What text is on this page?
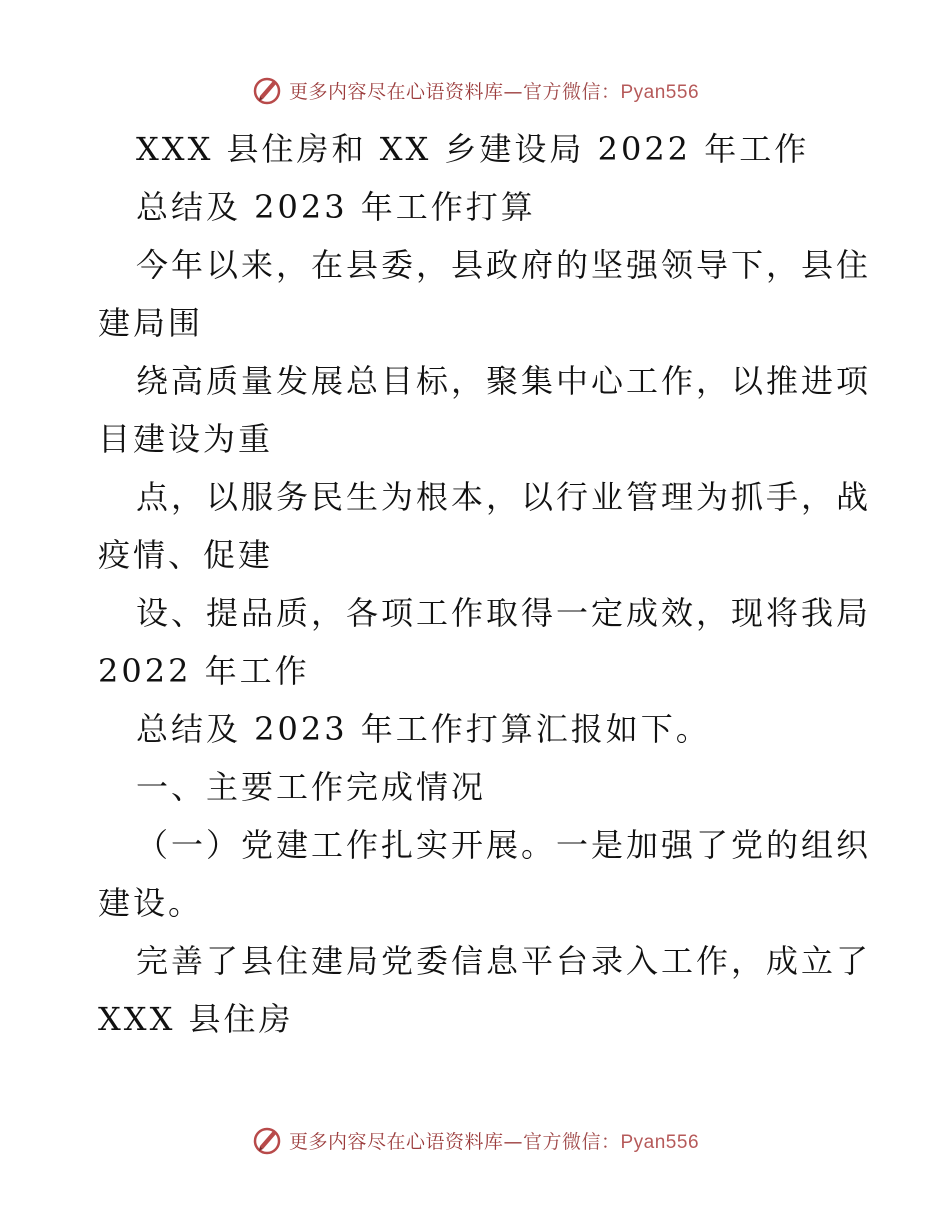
更多内容尽在心语资料库—官方微信：Pyan556
XXX 县住房和 XX 乡建设局 2022 年工作
总结及 2023 年工作打算
今年以来，在县委，县政府的坚强领导下，县住
建局围
绕高质量发展总目标，聚集中心工作，以推进项
目建设为重
点，以服务民生为根本，以行业管理为抓手，战
疫情、促建
设、提品质，各项工作取得一定成效，现将我局
2022 年工作
总结及 2023 年工作打算汇报如下。
一、主要工作完成情况
（一）党建工作扎实开展。一是加强了党的组织
建设。
完善了县住建局党委信息平台录入工作，成立了
XXX 县住房
更多内容尽在心语资料库—官方微信：Pyan556
